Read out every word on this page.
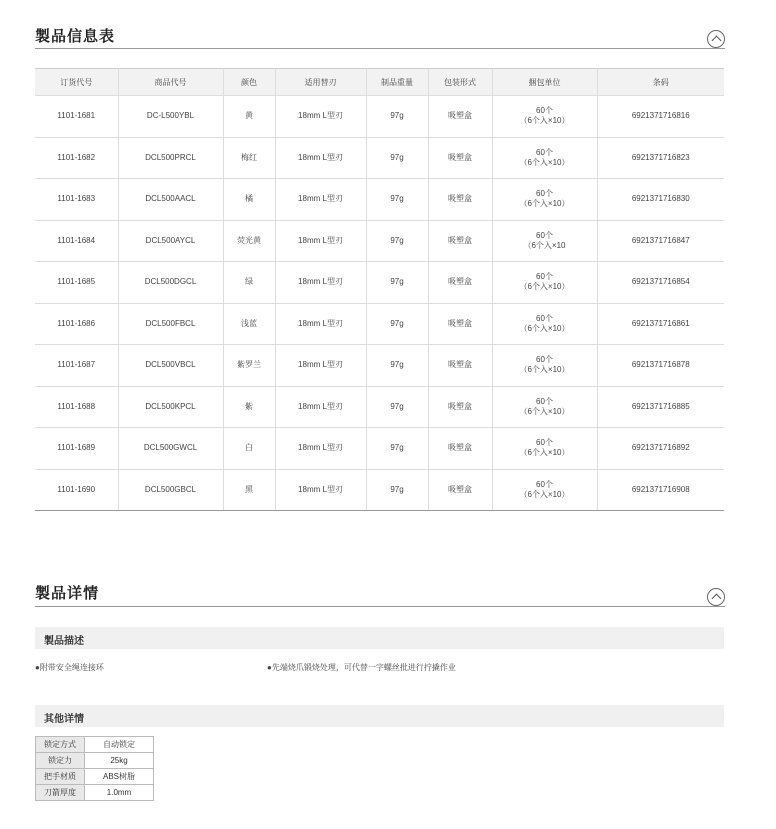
製品信息表
订货代号	商品代号	颜色	适用替刃	制品重量	包装形式	捆包单位	条码
1101-1681	DC-L500YBL	黄	18mm L型刃	97g	吸塑盒	60个
（6个入×10）	6921371716816
1101-1682	DCL500PRCL	梅红	18mm L型刃	97g	吸塑盒	60个
（6个入×10）	6921371716823
1101-1683	DCL500AACL	橘	18mm L型刃	97g	吸塑盒	60个
（6个入×10）	6921371716830
1101-1684	DCL500AYCL	荧光黄	18mm L型刃	97g	吸塑盒	60个
（6个入×10	6921371716847
1101-1685	DCL500DGCL	绿	18mm L型刃	97g	吸塑盒	60个
（6个入×10）	6921371716854
1101-1686	DCL500FBCL	浅蓝	18mm L型刃	97g	吸塑盒	60个
（6个入×10）	6921371716861
1101-1687	DCL500VBCL	紫罗兰	18mm L型刃	97g	吸塑盒	60个
（6个入×10）	6921371716878
1101-1688	DCL500KPCL	紫	18mm L型刃	97g	吸塑盒	60个
（6个入×10）	6921371716885
1101-1689	DCL500GWCL	白	18mm L型刃	97g	吸塑盒	60个
（6个入×10）	6921371716892
1101-1690	DCL500GBCL	黑	18mm L型刃	97g	吸塑盒	60个
（6个入×10）	6921371716908
製品详情
製品描述
●附带安全绳连接环	●先端烧爪锻烧处理，可代替一字螺丝批进行拧撬作业
其他详情
锁定方式	自动锁定
锁定力	25kg
把手材质	ABS树脂
刀箭厚度	1.0mm
